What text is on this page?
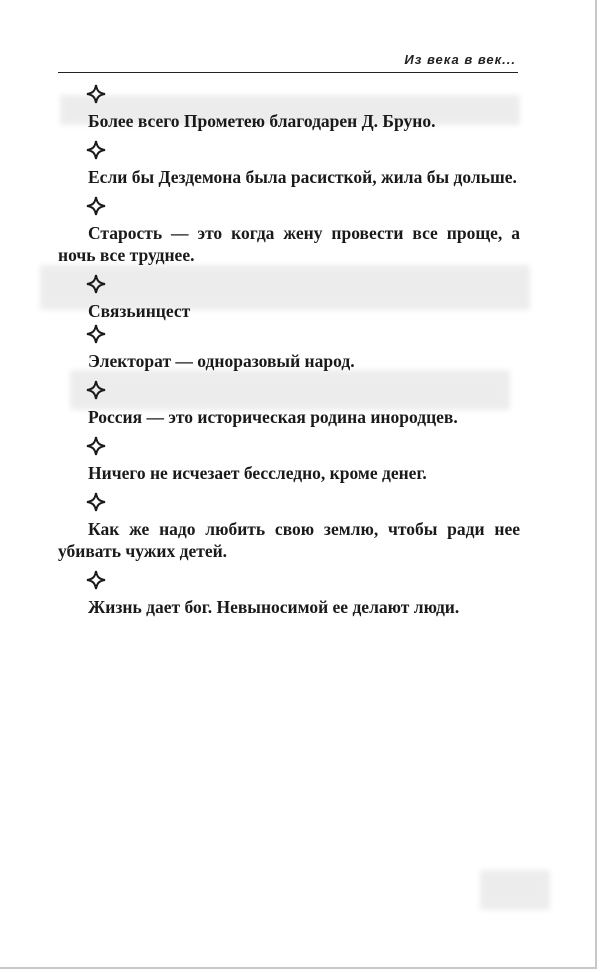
Из века в век...
Более всего Прометею благодарен Д. Бруно.
Если бы Дездемона была расисткой, жила бы дольше.
Старость — это когда жену провести все проще, а ночь все труднее.
Связьинцест
Электорат — одноразовый народ.
Россия — это историческая родина инородцев.
Ничего не исчезает бесследно, кроме денег.
Как же надо любить свою землю, чтобы ради нее убивать чужих детей.
Жизнь дает бог. Невыносимой ее делают люди.
